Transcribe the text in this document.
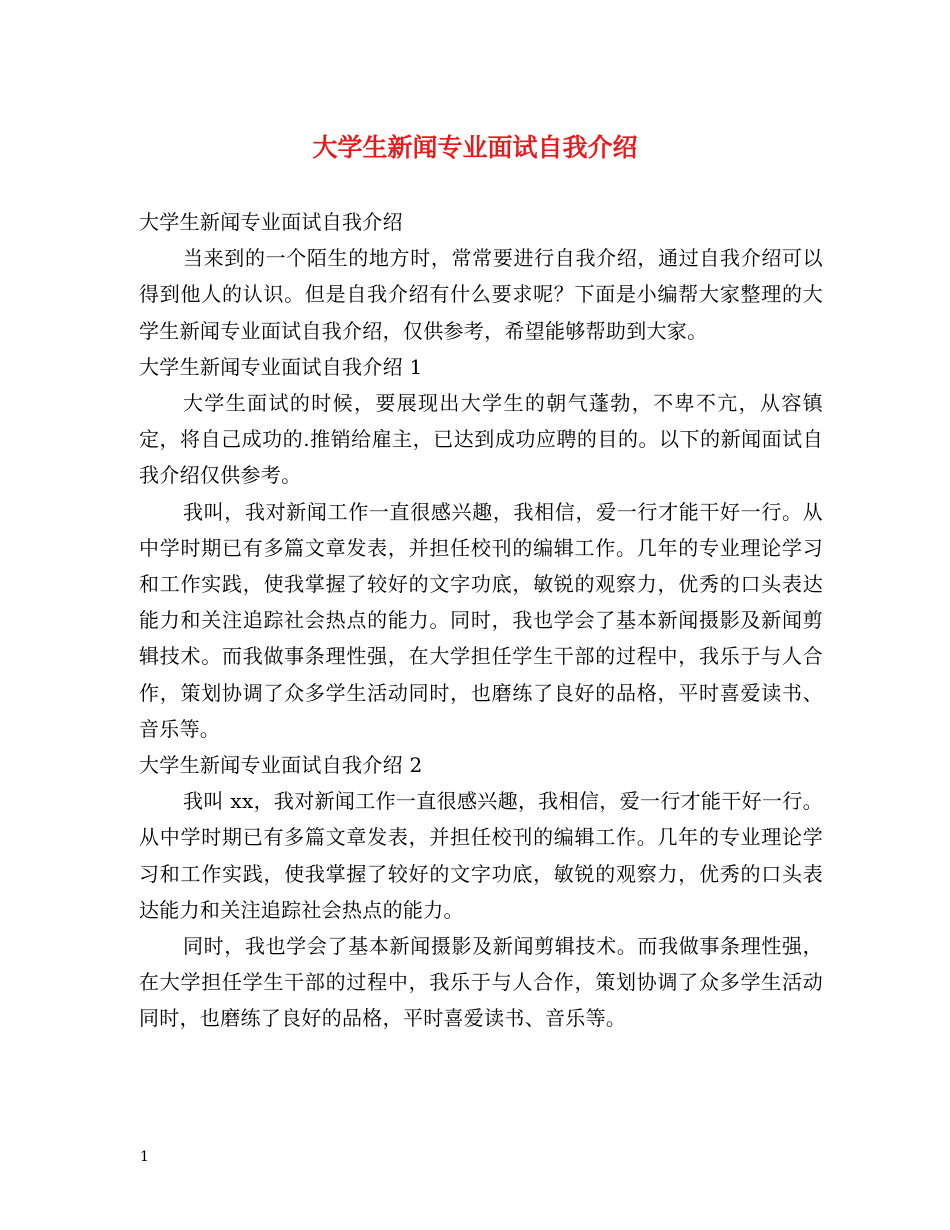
大学生新闻专业面试自我介绍

大学生新闻专业面试自我介绍

当来到的一个陌生的地方时，常常要进行自我介绍，通过自我介绍可以得到他人的认识。但是自我介绍有什么要求呢？下面是小编帮大家整理的大学生新闻专业面试自我介绍，仅供参考，希望能够帮助到大家。

大学生新闻专业面试自我介绍 1

大学生面试的时候，要展现出大学生的朝气蓬勃，不卑不亢，从容镇定，将自己成功的.推销给雇主，已达到成功应聘的目的。以下的新闻面试自我介绍仅供参考。

我叫，我对新闻工作一直很感兴趣，我相信，爱一行才能干好一行。从中学时期已有多篇文章发表，并担任校刊的编辑工作。几年的专业理论学习和工作实践，使我掌握了较好的文字功底，敏锐的观察力，优秀的口头表达能力和关注追踪社会热点的能力。同时，我也学会了基本新闻摄影及新闻剪辑技术。而我做事条理性强，在大学担任学生干部的过程中，我乐于与人合作，策划协调了众多学生活动同时，也磨练了良好的品格，平时喜爱读书、音乐等。

大学生新闻专业面试自我介绍 2

我叫 xx，我对新闻工作一直很感兴趣，我相信，爱一行才能干好一行。从中学时期已有多篇文章发表，并担任校刊的编辑工作。几年的专业理论学习和工作实践，使我掌握了较好的文字功底，敏锐的观察力，优秀的口头表达能力和关注追踪社会热点的能力。

同时，我也学会了基本新闻摄影及新闻剪辑技术。而我做事条理性强，在大学担任学生干部的过程中，我乐于与人合作，策划协调了众多学生活动同时，也磨练了良好的品格，平时喜爱读书、音乐等。

1
